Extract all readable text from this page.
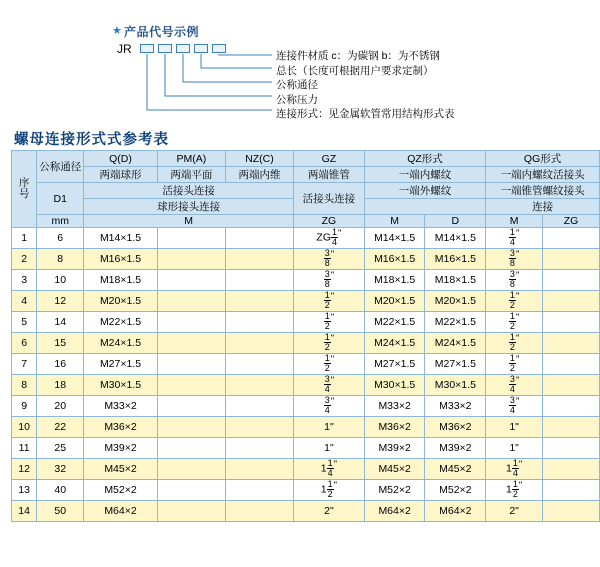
★ 产品代号示例
JR	连接件材质 c：为碳钢 b：为不锈钢
总长（长度可根据用户要求定制）
公称通径
公称压力
连接形式：见金属软管常用结构形式表
螺母连接形式式参考表
序
号	公称通径	Q(D)	PM(A)	NZ(C)	GZ	QZ形式		QG形式	
		两端球形	两端平面	两端内维	两端锥管	一端内螺纹		一端内螺纹活接头	
	D1	活接头连接			活接头连接	一端外螺纹		一端锥管螺纹接头	
		球形接头连接						连接	
	mm	M			ZG	M	D	M	ZG
1	6	M14×1.5			ZG $\frac{1}{4}$ "	M14×1.5	M14×1.5	$\frac{1}{4}$ "	
2	8	M16×1.5			$\frac{3}{8}$ "	M16×1.5	M16×1.5	$\frac{3}{8}$ "	
3	10	M18×1.5			$\frac{3}{8}$ "	M18×1.5	M18×1.5	$\frac{3}{8}$ "	
4	12	M20×1.5			$\frac{1}{2}$ "	M20×1.5	M20×1.5	$\frac{1}{2}$ "	
5	14	M22×1.5			$\frac{1}{2}$ "	M22×1.5	M22×1.5	$\frac{1}{2}$ "	
6	15	M24×1.5			$\frac{1}{2}$ "	M24×1.5	M24×1.5	$\frac{1}{2}$ "	
7	16	M27×1.5			$\frac{1}{2}$ "	M27×1.5	M27×1.5	$\frac{1}{2}$ "	
8	18	M30×1.5			$\frac{3}{4}$ "	M30×1.5	M30×1.5	$\frac{3}{4}$ "	
9	20	M33×2			$\frac{3}{4}$ "	M33×2	M33×2	$\frac{3}{4}$ "	
10	22	M36×2			1"	M36×2	M36×2	1"	
11	25	M39×2			1"	M39×2	M39×2	1"	
12	32	M45×2			$1 \frac{1}{4}$ "	M45×2	M45×2	$1 \frac{1}{4}$ "	
13	40	M52×2			$1 \frac{1}{2}$ "	M52×2	M52×2	$1 \frac{1}{2}$ "	
14	50	M64×2			2"	M64×2	M64×2	2"	
